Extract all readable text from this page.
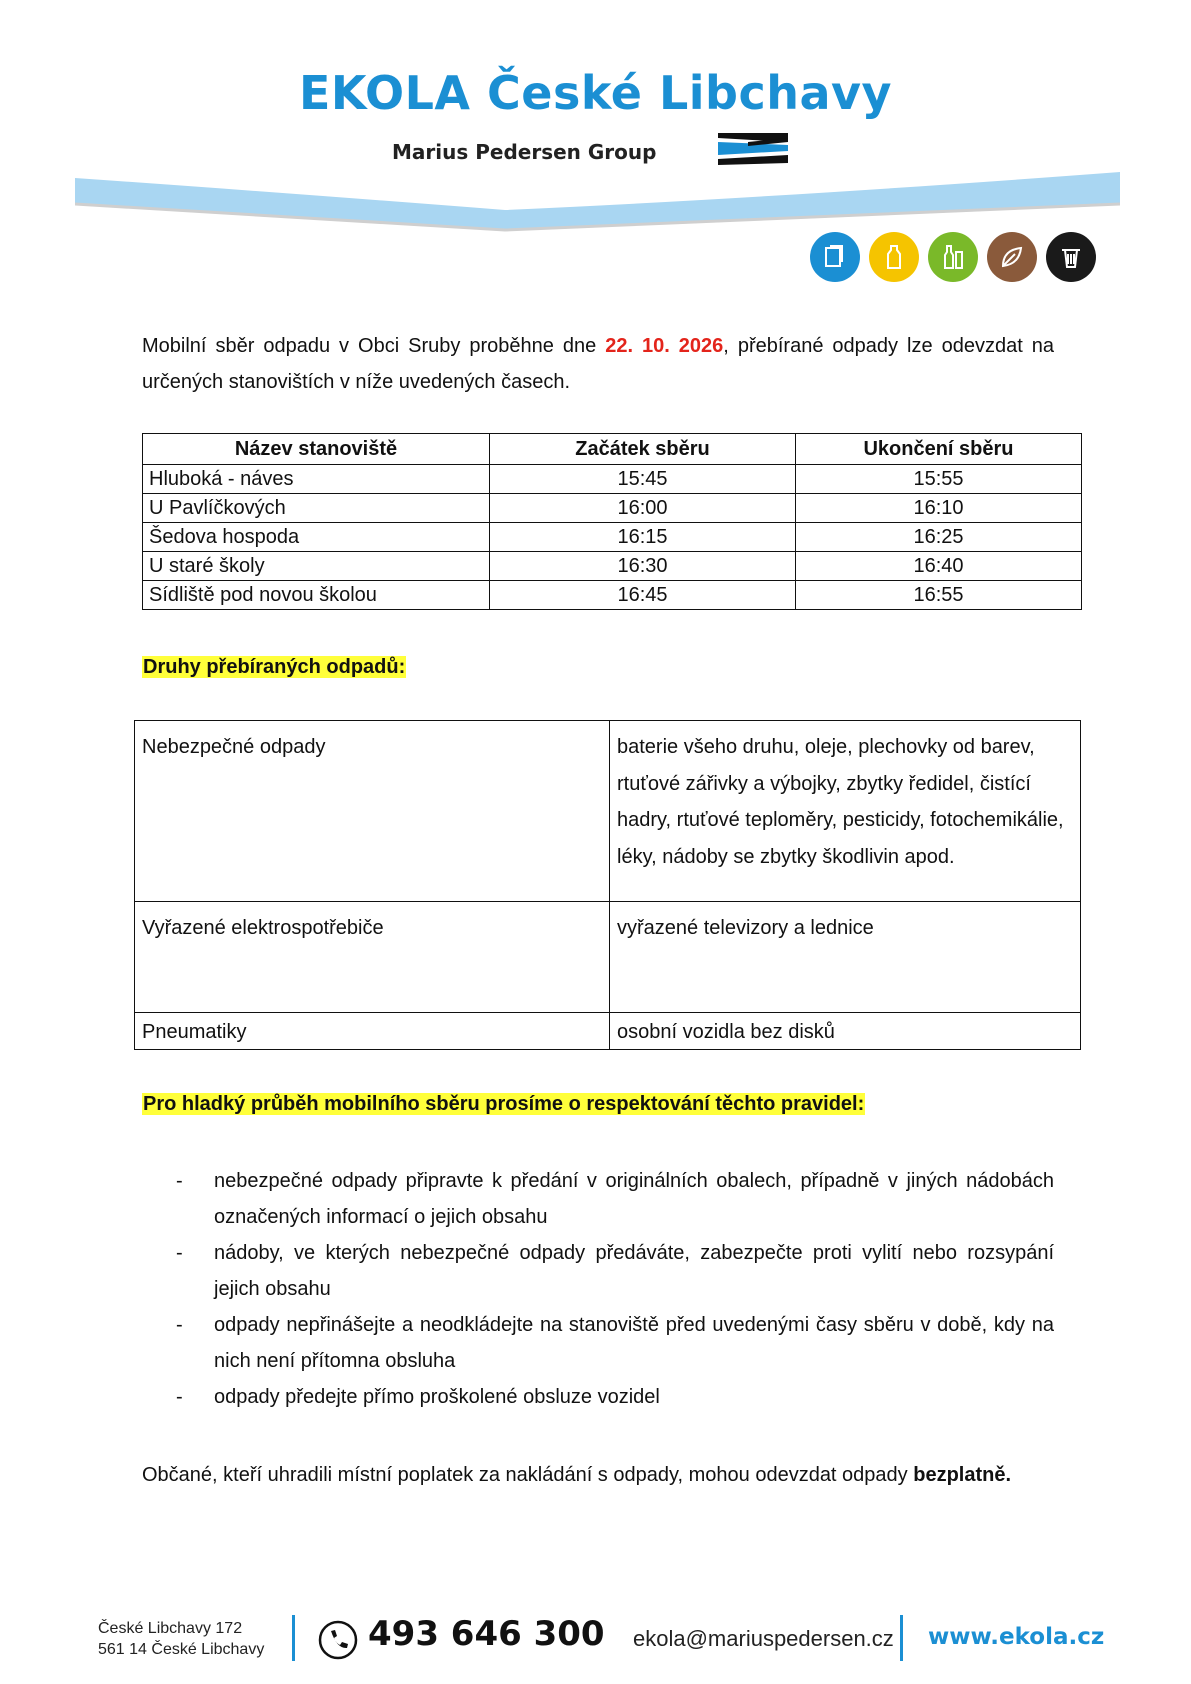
EKOLA České Libchavy
Marius Pedersen Group
Mobilní sběr odpadu v Obci Sruby proběhne dne 22. 10. 2026, přebírané odpady lze odevzdat na určených stanovištích v níže uvedených časech.
Název stanoviště	Začátek sběru	Ukončení sběru
Hluboká - náves	15:45	15:55
U Pavlíčkových	16:00	16:10
Šedova hospoda	16:15	16:25
U staré školy	16:30	16:40
Sídliště pod novou školou	16:45	16:55
Druhy přebíraných odpadů:
Nebezpečné odpady	baterie všeho druhu, oleje, plechovky od barev, rtuťové zářivky a výbojky, zbytky ředidel, čistící hadry, rtuťové teploměry, pesticidy, fotochemikálie, léky, nádoby se zbytky škodlivin apod.
Vyřazené elektrospotřebiče	vyřazené televizory a lednice
Pneumatiky	osobní vozidla bez disků
Pro hladký průběh mobilního sběru prosíme o respektování těchto pravidel:
-	nebezpečné odpady připravte k předání v originálních obalech, případně v jiných nádobách označených informací o jejich obsahu
-	nádoby, ve kterých nebezpečné odpady předáváte, zabezpečte proti vylití nebo rozsypání jejich obsahu
-	odpady nepřinášejte a neodkládejte na stanoviště před uvedenými časy sběru v době, kdy na nich není přítomna obsluha
-	odpady předejte přímo proškolené obsluze vozidel
Občané, kteří uhradili místní poplatek za nakládání s odpady, mohou odevzdat odpady bezplatně.
České Libchavy 172
561 14 České Libchavy	493 646 300 ekola@mariuspedersen.cz www.ekola.cz
